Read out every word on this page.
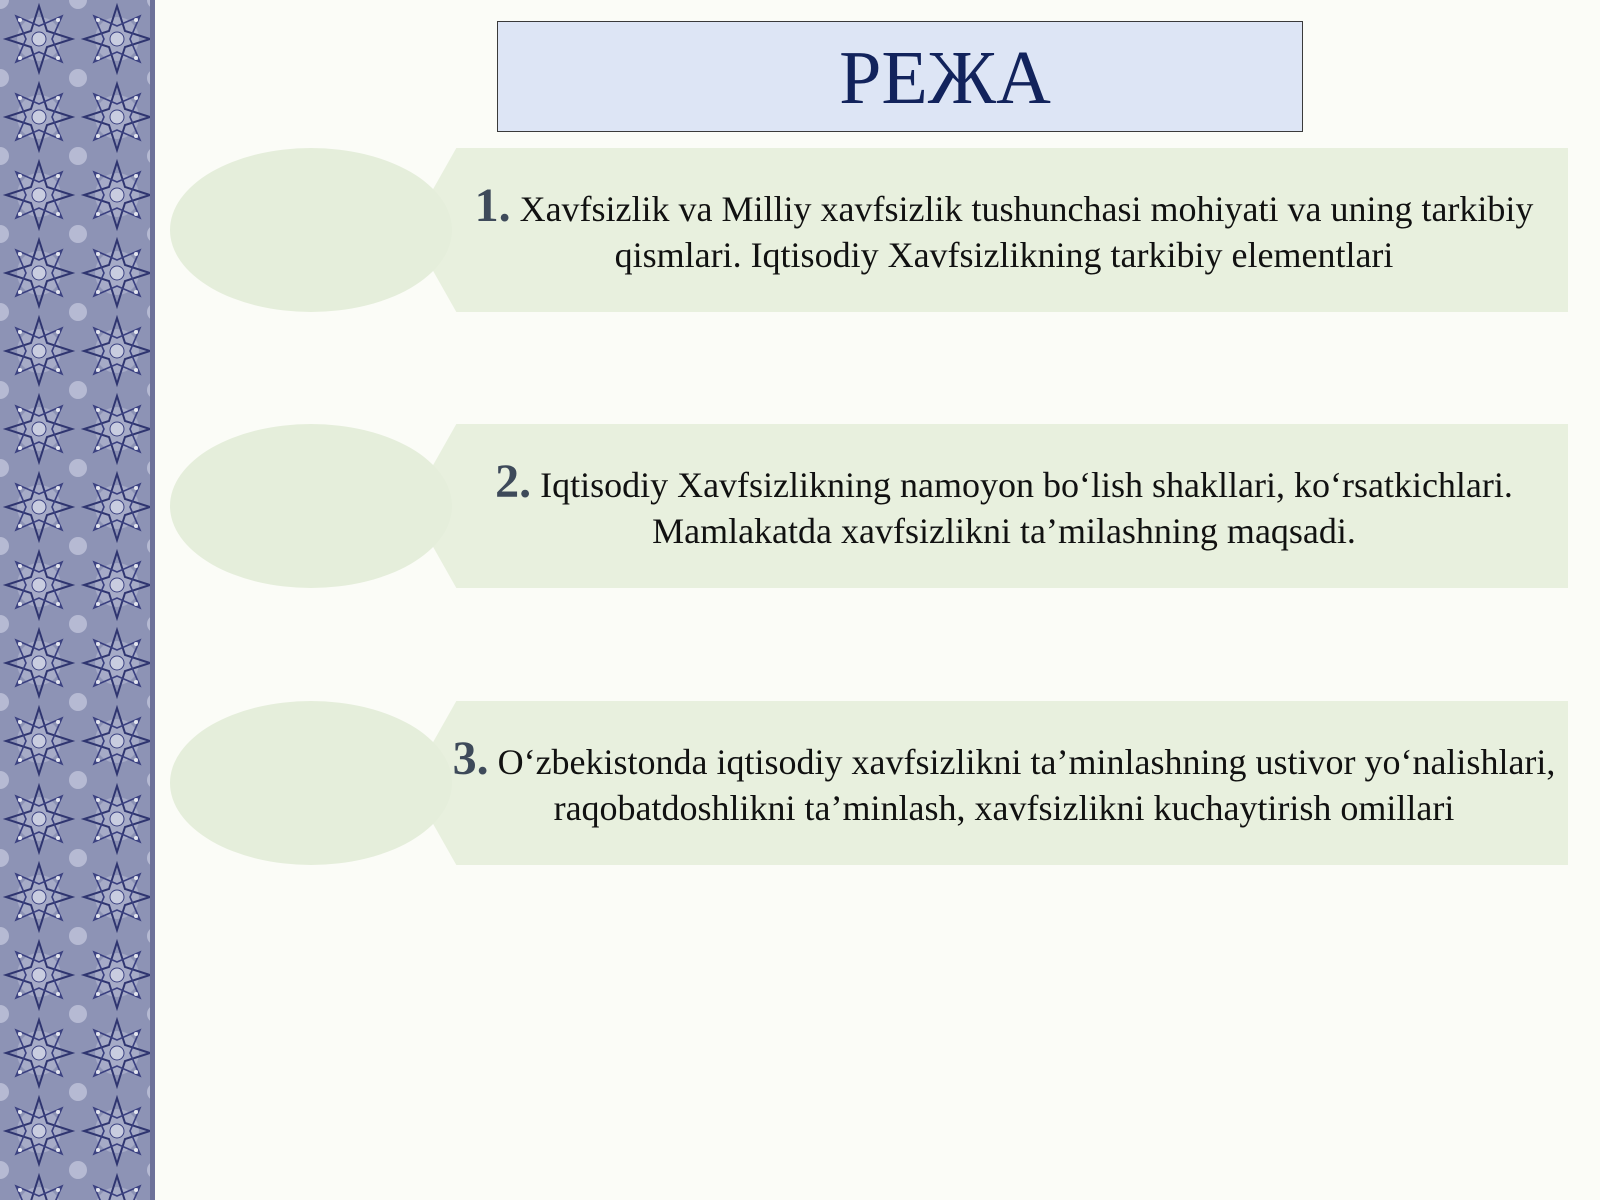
РЕЖА

1. Xavfsizlik va Milliy xavfsizlik tushunchasi mohiyati va uning tarkibiy qismlari. Iqtisodiy Xavfsizlikning tarkibiy elementlari

2. Iqtisodiy Xavfsizlikning namoyon bo‘lish shakllari, ko‘rsatkichlari. Mamlakatda xavfsizlikni ta’milashning maqsadi.

3. O‘zbekistonda iqtisodiy xavfsizlikni ta’minlashning ustivor yo‘nalishlari, raqobatdoshlikni ta’minlash, xavfsizlikni kuchaytirish omillari
